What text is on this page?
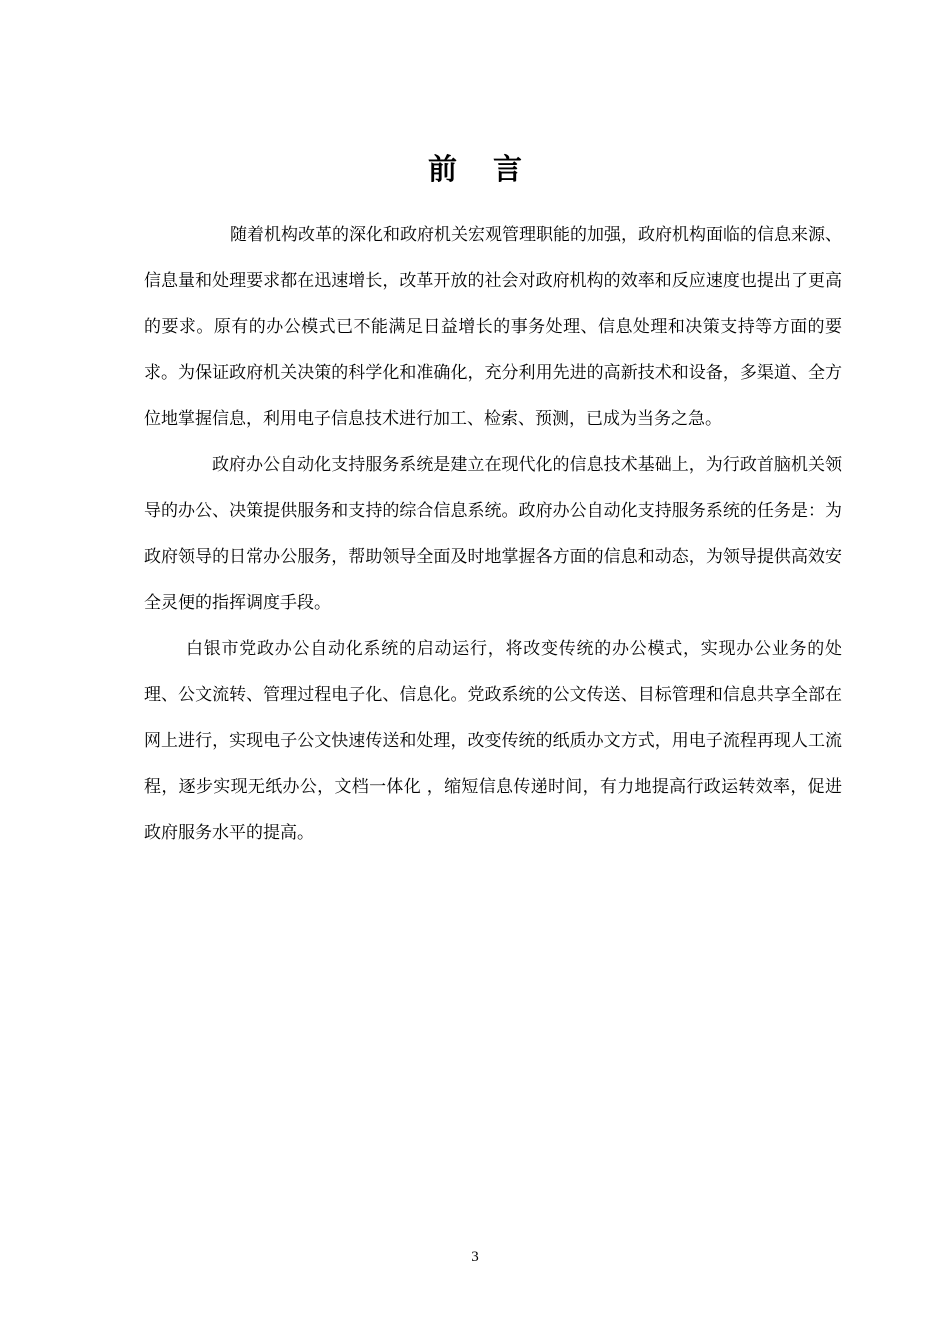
前言

随着机构改革的深化和政府机关宏观管理职能的加强，政府机构面临的信息来源、信息量和处理要求都在迅速增长，改革开放的社会对政府机构的效率和反应速度也提出了更高的要求。原有的办公模式已不能满足日益增长的事务处理、信息处理和决策支持等方面的要求。为保证政府机关决策的科学化和准确化，充分利用先进的高新技术和设备，多渠道、全方位地掌握信息，利用电子信息技术进行加工、检索、预测，已成为当务之急。

政府办公自动化支持服务系统是建立在现代化的信息技术基础上，为行政首脑机关领导的办公、决策提供服务和支持的综合信息系统。政府办公自动化支持服务系统的任务是：为政府领导的日常办公服务，帮助领导全面及时地掌握各方面的信息和动态，为领导提供高效安全灵便的指挥调度手段。

白银市党政办公自动化系统的启动运行，将改变传统的办公模式，实现办公业务的处理、公文流转、管理过程电子化、信息化。党政系统的公文传送、目标管理和信息共享全部在网上进行，实现电子公文快速传送和处理，改变传统的纸质办文方式，用电子流程再现人工流程，逐步实现无纸办公，文档一体化 ，缩短信息传递时间，有力地提高行政运转效率，促进政府服务水平的提高。

3
